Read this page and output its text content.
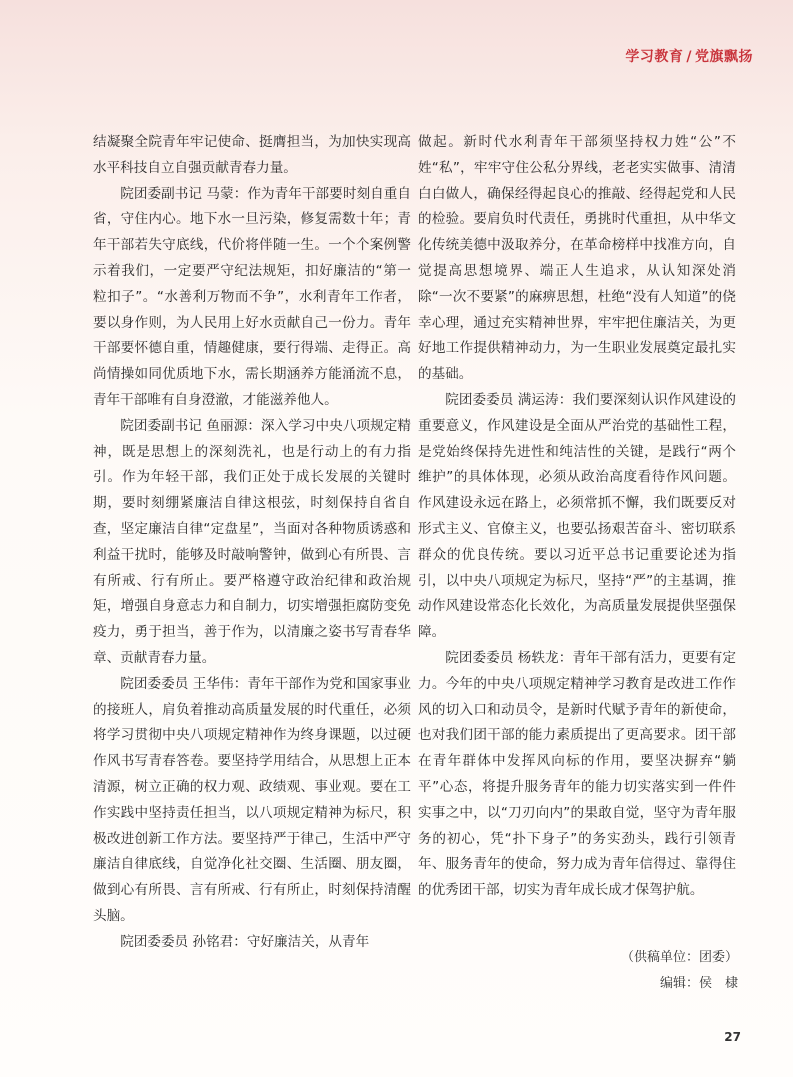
学习教育 / 党旗飘扬

结凝聚全院青年牢记使命、挺膺担当，为加快实现高水平科技自立自强贡献青春力量。

院团委副书记 马蒙：作为青年干部要时刻自重自省，守住内心。地下水一旦污染，修复需数十年；青年干部若失守底线，代价将伴随一生。一个个案例警示着我们，一定要严守纪法规矩，扣好廉洁的“第一粒扣子”。“水善利万物而不争”，水利青年工作者，要以身作则，为人民用上好水贡献自己一份力。青年干部要怀德自重，情趣健康，要行得端、走得正。高尚情操如同优质地下水，需长期涵养方能涌流不息，青年干部唯有自身澄澈，才能滋养他人。

院团委副书记 鱼丽源：深入学习中央八项规定精神，既是思想上的深刻洗礼，也是行动上的有力指引。作为年轻干部，我们正处于成长发展的关键时期，要时刻绷紧廉洁自律这根弦，时刻保持自省自查，坚定廉洁自律“定盘星”，当面对各种物质诱惑和利益干扰时，能够及时敲响警钟，做到心有所畏、言有所戒、行有所止。要严格遵守政治纪律和政治规矩，增强自身意志力和自制力，切实增强拒腐防变免疫力，勇于担当，善于作为，以清廉之姿书写青春华章、贡献青春力量。

院团委委员 王华伟：青年干部作为党和国家事业的接班人，肩负着推动高质量发展的时代重任，必须将学习贯彻中央八项规定精神作为终身课题，以过硬作风书写青春答卷。要坚持学用结合，从思想上正本清源，树立正确的权力观、政绩观、事业观。要在工作实践中坚持责任担当，以八项规定精神为标尺，积极改进创新工作方法。要坚持严于律己，生活中严守廉洁自律底线，自觉净化社交圈、生活圈、朋友圈，做到心有所畏、言有所戒、行有所止，时刻保持清醒头脑。

院团委委员 孙铭君：守好廉洁关，从青年

做起。新时代水利青年干部须坚持权力姓“公”不姓“私”，牢牢守住公私分界线，老老实实做事、清清白白做人，确保经得起良心的推敲、经得起党和人民的检验。要肩负时代责任，勇挑时代重担，从中华文化传统美德中汲取养分，在革命榜样中找准方向，自觉提高思想境界、端正人生追求，从认知深处消除“一次不要紧”的麻痹思想，杜绝“没有人知道”的侥幸心理，通过充实精神世界，牢牢把住廉洁关，为更好地工作提供精神动力，为一生职业发展奠定最扎实的基础。

院团委委员 满运涛：我们要深刻认识作风建设的重要意义，作风建设是全面从严治党的基础性工程，是党始终保持先进性和纯洁性的关键，是践行“两个维护”的具体体现，必须从政治高度看待作风问题。作风建设永远在路上，必须常抓不懈，我们既要反对形式主义、官僚主义，也要弘扬艰苦奋斗、密切联系群众的优良传统。要以习近平总书记重要论述为指引，以中央八项规定为标尺，坚持“严”的主基调，推动作风建设常态化长效化，为高质量发展提供坚强保障。

院团委委员 杨轶龙：青年干部有活力，更要有定力。今年的中央八项规定精神学习教育是改进工作作风的切入口和动员令，是新时代赋予青年的新使命，也对我们团干部的能力素质提出了更高要求。团干部在青年群体中发挥风向标的作用，要坚决摒弃“躺平”心态，将提升服务青年的能力切实落实到一件件实事之中，以“刀刃向内”的果敢自觉，坚守为青年服务的初心，凭“扑下身子”的务实劲头，践行引领青年、服务青年的使命，努力成为青年信得过、靠得住的优秀团干部，切实为青年成长成才保驾护航。

（供稿单位：团委）
编辑：侯　棣
27
